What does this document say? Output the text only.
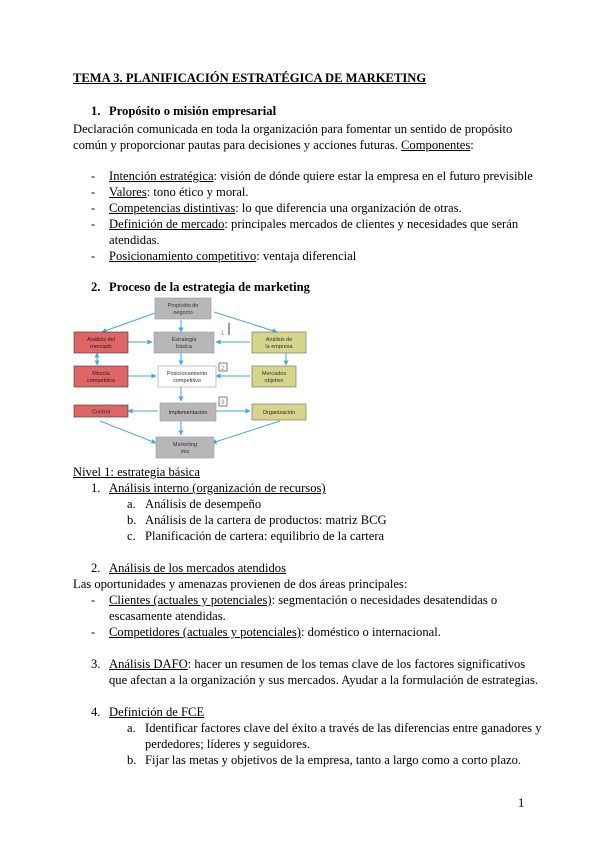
TEMA 3. PLANIFICACIÓN ESTRATÉGICA DE MARKETING
1. Propósito o misión empresarial
Declaración comunicada en toda la organización para fomentar un sentido de propósito
común y proporcionar pautas para decisiones y acciones futuras. Componentes:
- Intención estratégica: visión de dónde quiere estar la empresa en el futuro previsible
- Valores: tono ético y moral.
- Competencias distintivas: lo que diferencia una organización de otras.
- Definición de mercado: principales mercados de clientes y necesidades que serán
atendidas.
- Posicionamiento competitivo: ventaja diferencial
2. Proceso de la estrategia de marketing
Propósito de
negocio
Análisis del
mercado
Estrategia
básica
Análisis de
la empresa
Mezcla
competitiva
Posicionamiento
competitivo
Mercados
objetivo
Control	Implementación	Organización
Marketing
mix
1
2
3
Nivel 1: estrategia básica
1. Análisis interno (organización de recursos)
a. Análisis de desempeño
b. Análisis de la cartera de productos: matriz BCG
c. Planificación de cartera: equilibrio de la cartera
2. Análisis de los mercados atendidos
Las oportunidades y amenazas provienen de dos áreas principales:
- Clientes (actuales y potenciales): segmentación o necesidades desatendidas o
escasamente atendidas.
- Competidores (actuales y potenciales): doméstico o internacional.
3. Análisis DAFO: hacer un resumen de los temas clave de los factores significativos
que afectan a la organización y sus mercados. Ayudar a la formulación de estrategias.
4. Definición de FCE
a. Identificar factores clave del éxito a través de las diferencias entre ganadores y
perdedores; líderes y seguidores.
b. Fijar las metas y objetivos de la empresa, tanto a largo como a corto plazo.
1
